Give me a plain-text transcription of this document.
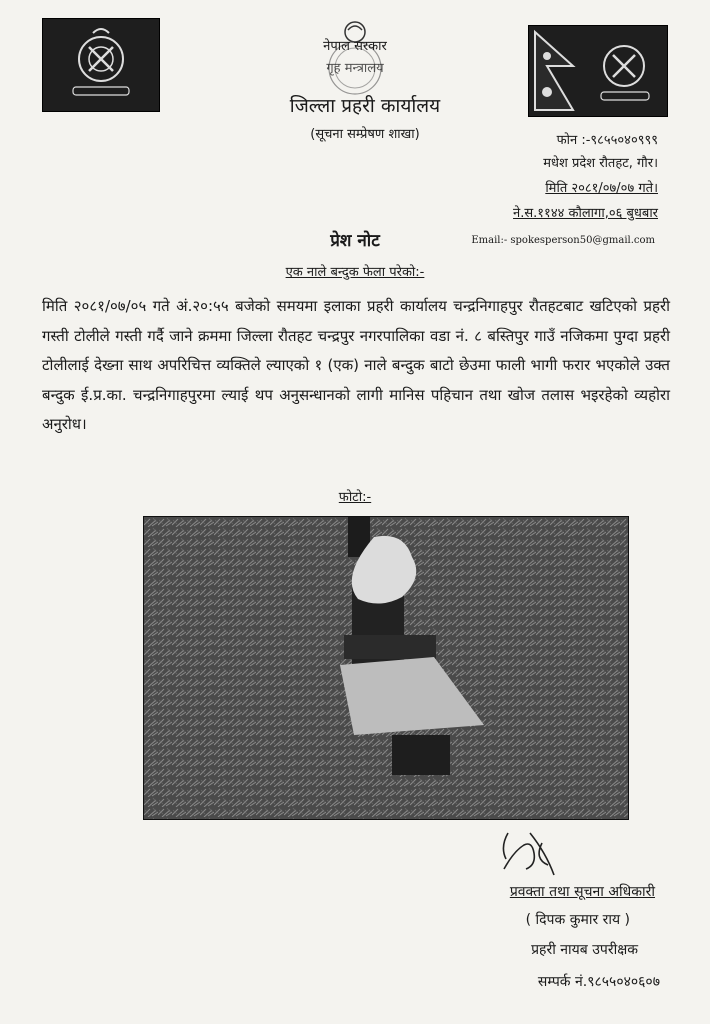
नेपाल सरकार
गृह मन्त्रालय
जिल्ला प्रहरी कार्यालय
(सूचना सम्प्रेषण शाखा)	फोन :-९८५५०४०९९९
मधेश प्रदेश रौतहट, गौर।
मिति २०८१/०७/०७ गते।
ने.स.११४४ कौलागा,०६ बुधबार
Email:- spokesperson50@gmail.com
प्रेश नोट
एक नाले बन्दुक फेला परेको:-
मिति २०८१/०७/०५ गते अं.२०:५५ बजेको समयमा इलाका प्रहरी कार्यालय चन्द्रनिगाहपुर रौतहटबाट खटिएको प्रहरी गस्ती टोलीले गस्ती गर्दै जाने क्रममा जिल्ला रौतहट चन्द्रपुर नगरपालिका वडा नं. ८ बस्तिपुर गाउँ नजिकमा पुग्दा प्रहरी टोलीलाई देख्ना साथ अपरिचित्त व्यक्तिले ल्याएको १ (एक) नाले बन्दुक बाटो छेउमा फाली भागी फरार भएकोले उक्त बन्दुक ई.प्र.का. चन्द्रनिगाहपुरमा ल्याई थप अनुसन्धानको लागी मानिस पहिचान तथा खोज तलास भइरहेको व्यहोरा अनुरोध।
फोटो:-
प्रवक्ता तथा सूचना अधिकारी
( दिपक कुमार राय )
प्रहरी नायब उपरीक्षक
सम्पर्क नं.९८५५०४०६०७
